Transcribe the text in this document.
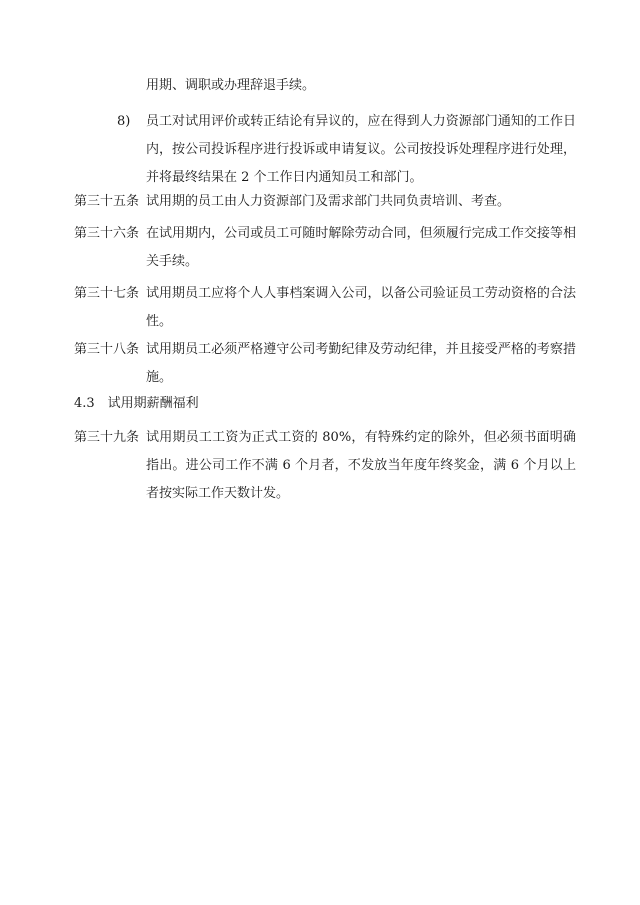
用期、调职或办理辞退手续。
8) 员工对试用评价或转正结论有异议的，应在得到人力资源部门通知的工作日内，按公司投诉程序进行投诉或申请复议。公司按投诉处理程序进行处理，并将最终结果在 2 个工作日内通知员工和部门。
第三十五条 试用期的员工由人力资源部门及需求部门共同负责培训、考查。
第三十六条 在试用期内，公司或员工可随时解除劳动合同，但须履行完成工作交接等相关手续。
第三十七条 试用期员工应将个人人事档案调入公司，以备公司验证员工劳动资格的合法性。
第三十八条 试用期员工必须严格遵守公司考勤纪律及劳动纪律，并且接受严格的考察措施。
4.3　试用期薪酬福利
第三十九条 试用期员工工资为正式工资的 80%，有特殊约定的除外，但必须书面明确指出。进公司工作不满 6 个月者，不发放当年度年终奖金，满 6 个月以上者按实际工作天数计发。
